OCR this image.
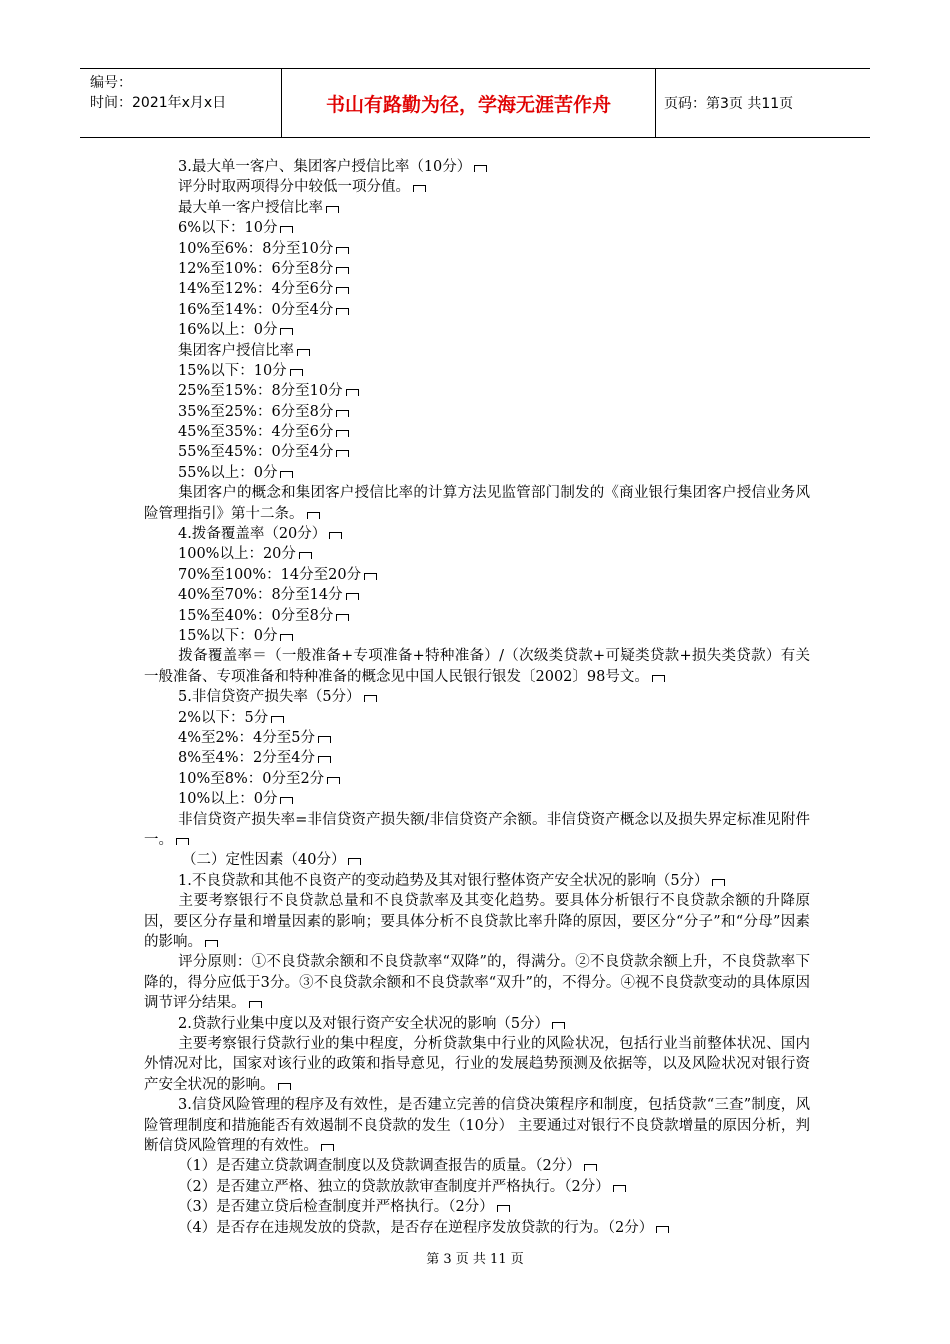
编号：
时间：2021年x月x日	书山有路勤为径，学海无涯苦作舟	页码：第3页 共11页
3.最大单一客户、集团客户授信比率（10分）
评分时取两项得分中较低一项分值。
最大单一客户授信比率
6%以下：10分
10%至6%：8分至10分
12%至10%：6分至8分
14%至12%：4分至6分
16%至14%：0分至4分
16%以上：0分
集团客户授信比率
15%以下：10分
25%至15%：8分至10分
35%至25%：6分至8分
45%至35%：4分至6分
55%至45%：0分至4分
55%以上：0分
集团客户的概念和集团客户授信比率的计算方法见监管部门制发的《商业银行集团客户授信业务风险管理指引》第十二条。
4.拨备覆盖率（20分）
100%以上：20分
70%至100%：14分至20分
40%至70%：8分至14分
15%至40%：0分至8分
15%以下：0分
拨备覆盖率＝（一般准备+专项准备+特种准备）/（次级类贷款+可疑类贷款+损失类贷款）有关一般准备、专项准备和特种准备的概念见中国人民银行银发〔2002〕98号文。
5.非信贷资产损失率（5分）
2%以下：5分
4%至2%：4分至5分
8%至4%：2分至4分
10%至8%：0分至2分
10%以上：0分
非信贷资产损失率=非信贷资产损失额/非信贷资产余额。非信贷资产概念以及损失界定标准见附件一。
（二）定性因素（40分）
1.不良贷款和其他不良资产的变动趋势及其对银行整体资产安全状况的影响（5分）
主要考察银行不良贷款总量和不良贷款率及其变化趋势。要具体分析银行不良贷款余额的升降原因，要区分存量和增量因素的影响；要具体分析不良贷款比率升降的原因，要区分“分子”和“分母”因素的影响。
评分原则：①不良贷款余额和不良贷款率“双降”的，得满分。②不良贷款余额上升，不良贷款率下降的，得分应低于3分。③不良贷款余额和不良贷款率“双升”的，不得分。④视不良贷款变动的具体原因调节评分结果。
2.贷款行业集中度以及对银行资产安全状况的影响（5分）
主要考察银行贷款行业的集中程度，分析贷款集中行业的风险状况，包括行业当前整体状况、国内外情况对比，国家对该行业的政策和指导意见，行业的发展趋势预测及依据等，以及风险状况对银行资产安全状况的影响。
3.信贷风险管理的程序及有效性，是否建立完善的信贷决策程序和制度，包括贷款“三查”制度，风险管理制度和措施能否有效遏制不良贷款的发生（10分） 主要通过对银行不良贷款增量的原因分析，判断信贷风险管理的有效性。
（1）是否建立贷款调查制度以及贷款调查报告的质量。（2分）
（2）是否建立严格、独立的贷款放款审查制度并严格执行。（2分）
（3）是否建立贷后检查制度并严格执行。（2分）
（4）是否存在违规发放的贷款，是否存在逆程序发放贷款的行为。（2分）
第 3 页 共 11 页
